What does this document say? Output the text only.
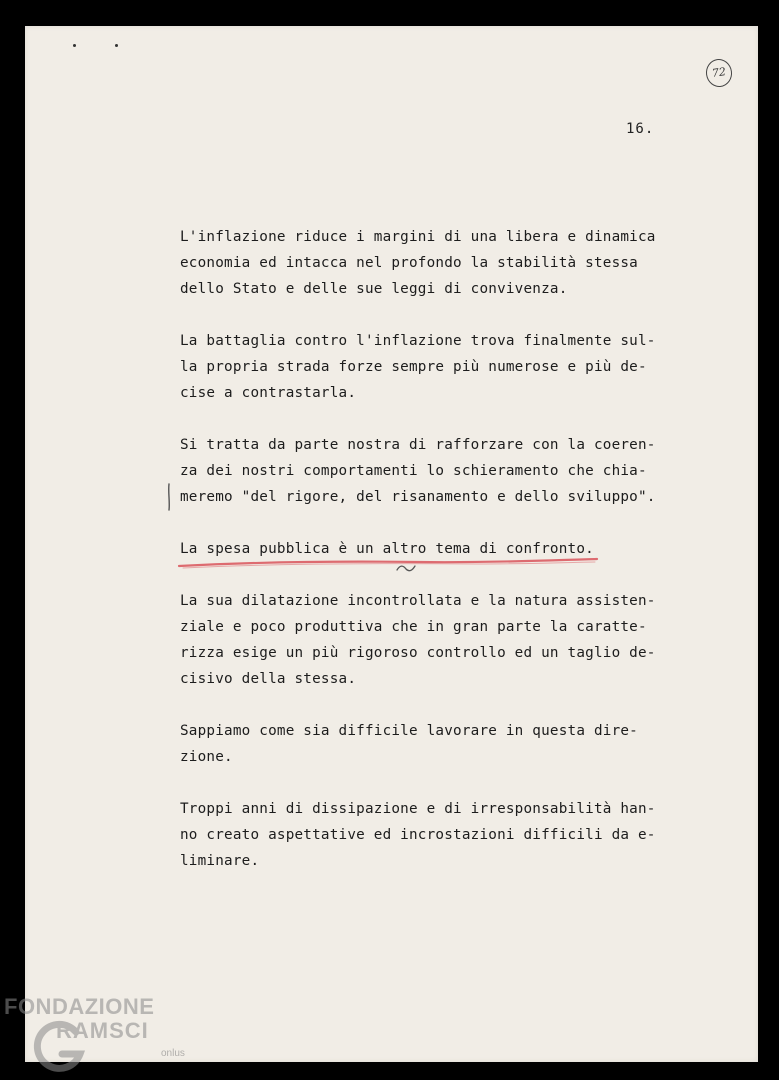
72
16.

L'inflazione riduce i margini di una libera e dinamica
economia ed intacca nel profondo la stabilità stessa
dello Stato e delle sue leggi di convivenza.

La battaglia contro l'inflazione trova finalmente sul-
la propria strada forze sempre più numerose e più de-
cise a contrastarla.

Si tratta da parte nostra di rafforzare con la coeren-
za dei nostri comportamenti lo schieramento che chia-
meremo "del rigore, del risanamento e dello sviluppo".

La spesa pubblica è un altro tema di confronto.

La sua dilatazione incontrollata e la natura assisten-
ziale e poco produttiva che in gran parte la caratte-
rizza esige un più rigoroso controllo ed un taglio de-
cisivo della stessa.

Sappiamo come sia difficile lavorare in questa dire-
zione.

Troppi anni di dissipazione e di irresponsabilità han-
no creato aspettative ed incrostazioni difficili da e-
liminare.

FONDAZIONE
RAMSCI
onlus
